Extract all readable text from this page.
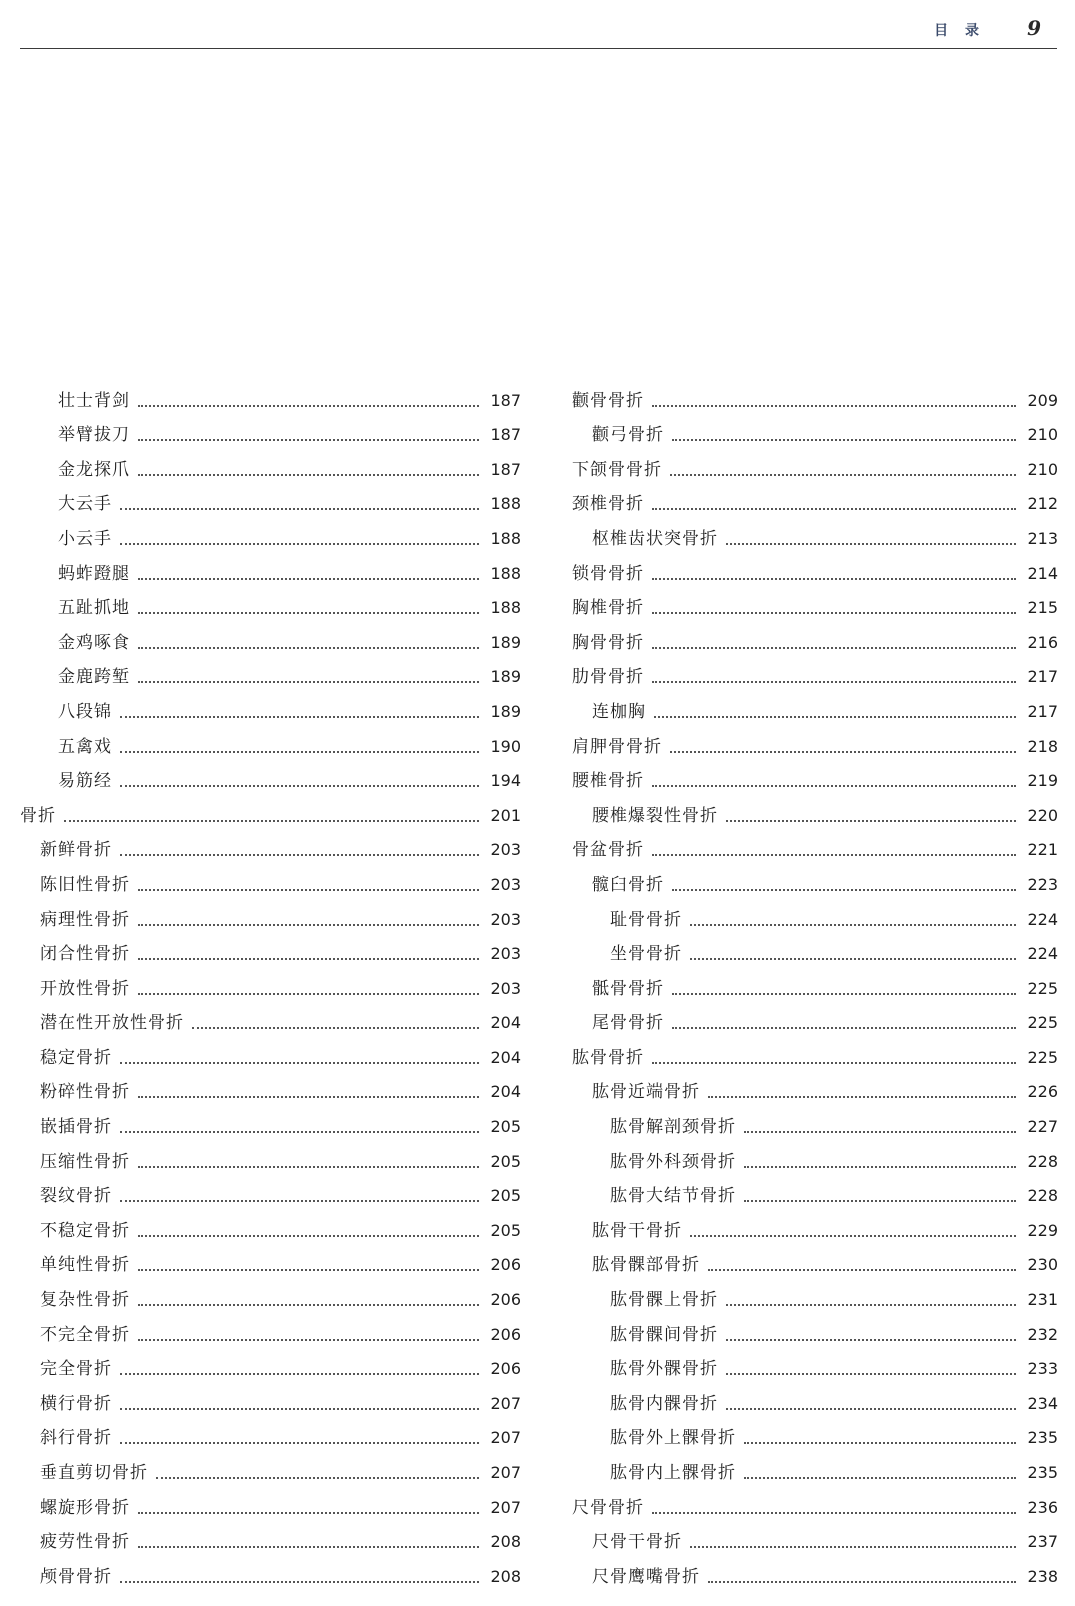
目 录 9
壮士背剑	187
举臂拔刀	187
金龙探爪	187
大云手	188
小云手	188
蚂蚱蹬腿	188
五趾抓地	188
金鸡啄食	189
金鹿跨堑	189
八段锦	189
五禽戏	190
易筋经	194
骨折	201
新鲜骨折	203
陈旧性骨折	203
病理性骨折	203
闭合性骨折	203
开放性骨折	203
潜在性开放性骨折	204
稳定骨折	204
粉碎性骨折	204
嵌插骨折	205
压缩性骨折	205
裂纹骨折	205
不稳定骨折	205
单纯性骨折	206
复杂性骨折	206
不完全骨折	206
完全骨折	206
横行骨折	207
斜行骨折	207
垂直剪切骨折	207
螺旋形骨折	207
疲劳性骨折	208
颅骨骨折	208
颧骨骨折	209
颧弓骨折	210
下颌骨骨折	210
颈椎骨折	212
枢椎齿状突骨折	213
锁骨骨折	214
胸椎骨折	215
胸骨骨折	216
肋骨骨折	217
连枷胸	217
肩胛骨骨折	218
腰椎骨折	219
腰椎爆裂性骨折	220
骨盆骨折	221
髋臼骨折	223
耻骨骨折	224
坐骨骨折	224
骶骨骨折	225
尾骨骨折	225
肱骨骨折	225
肱骨近端骨折	226
肱骨解剖颈骨折	227
肱骨外科颈骨折	228
肱骨大结节骨折	228
肱骨干骨折	229
肱骨髁部骨折	230
肱骨髁上骨折	231
肱骨髁间骨折	232
肱骨外髁骨折	233
肱骨内髁骨折	234
肱骨外上髁骨折	235
肱骨内上髁骨折	235
尺骨骨折	236
尺骨干骨折	237
尺骨鹰嘴骨折	238
